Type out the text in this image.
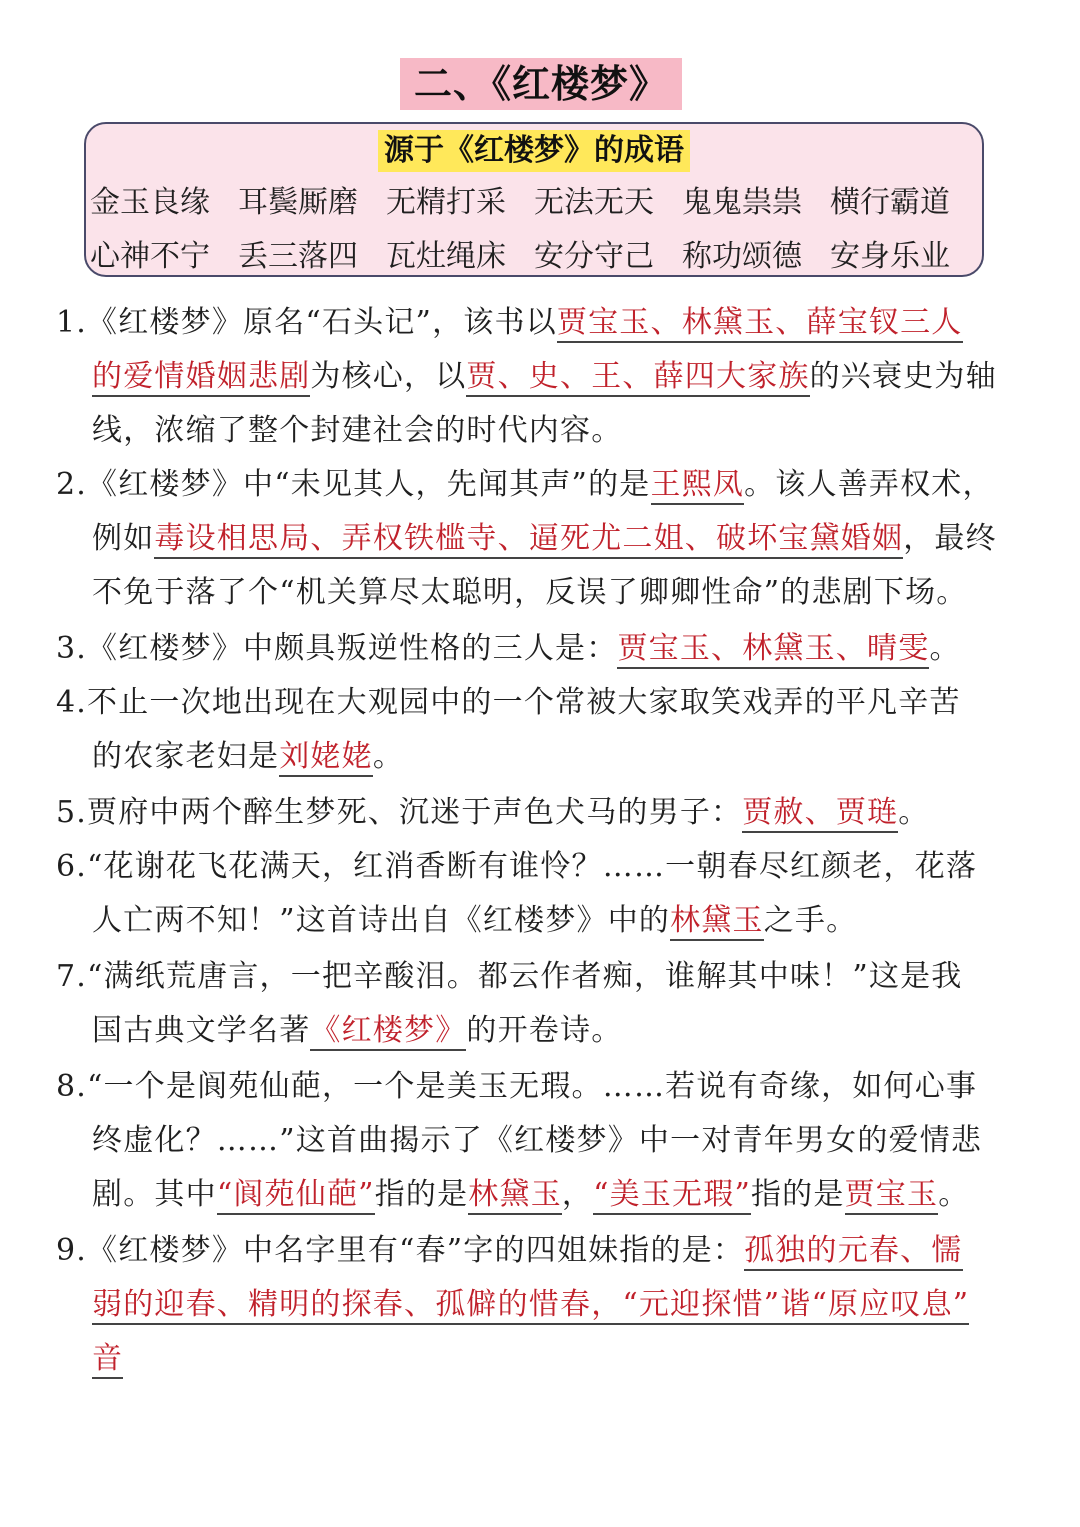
二、《红楼梦》
源于《红楼梦》的成语
金玉良缘 耳鬓厮磨 无精打采 无法无天 鬼鬼祟祟 横行霸道
心神不宁 丢三落四 瓦灶绳床 安分守己 称功颂德 安身乐业
1.《红楼梦》原名“石头记”，该书以贾宝玉、林黛玉、薛宝钗三人
的爱情婚姻悲剧为核心，以贾、史、王、薛四大家族的兴衰史为轴
线，浓缩了整个封建社会的时代内容。
2.《红楼梦》中“未见其人，先闻其声”的是王熙凤。该人善弄权术，
例如毒设相思局、弄权铁槛寺、逼死尤二姐、破坏宝黛婚姻，最终
不免于落了个“机关算尽太聪明，反误了卿卿性命”的悲剧下场。
3.《红楼梦》中颇具叛逆性格的三人是：贾宝玉、林黛玉、晴雯。
4.不止一次地出现在大观园中的一个常被大家取笑戏弄的平凡辛苦
的农家老妇是刘姥姥。
5.贾府中两个醉生梦死、沉迷于声色犬马的男子：贾赦、贾琏。
6.“花谢花飞花满天，红消香断有谁怜？……一朝春尽红颜老，花落
人亡两不知！”这首诗出自《红楼梦》中的林黛玉之手。
7.“满纸荒唐言，一把辛酸泪。都云作者痴，谁解其中味！”这是我
国古典文学名著《红楼梦》的开卷诗。
8.“一个是阆苑仙葩，一个是美玉无瑕。……若说有奇缘，如何心事
终虚化？……”这首曲揭示了《红楼梦》中一对青年男女的爱情悲
剧。其中“阆苑仙葩”指的是林黛玉，“美玉无瑕”指的是贾宝玉。
9.《红楼梦》中名字里有“春”字的四姐妹指的是：孤独的元春、懦
弱的迎春、精明的探春、孤僻的惜春，“元迎探惜”谐“原应叹息”
音
